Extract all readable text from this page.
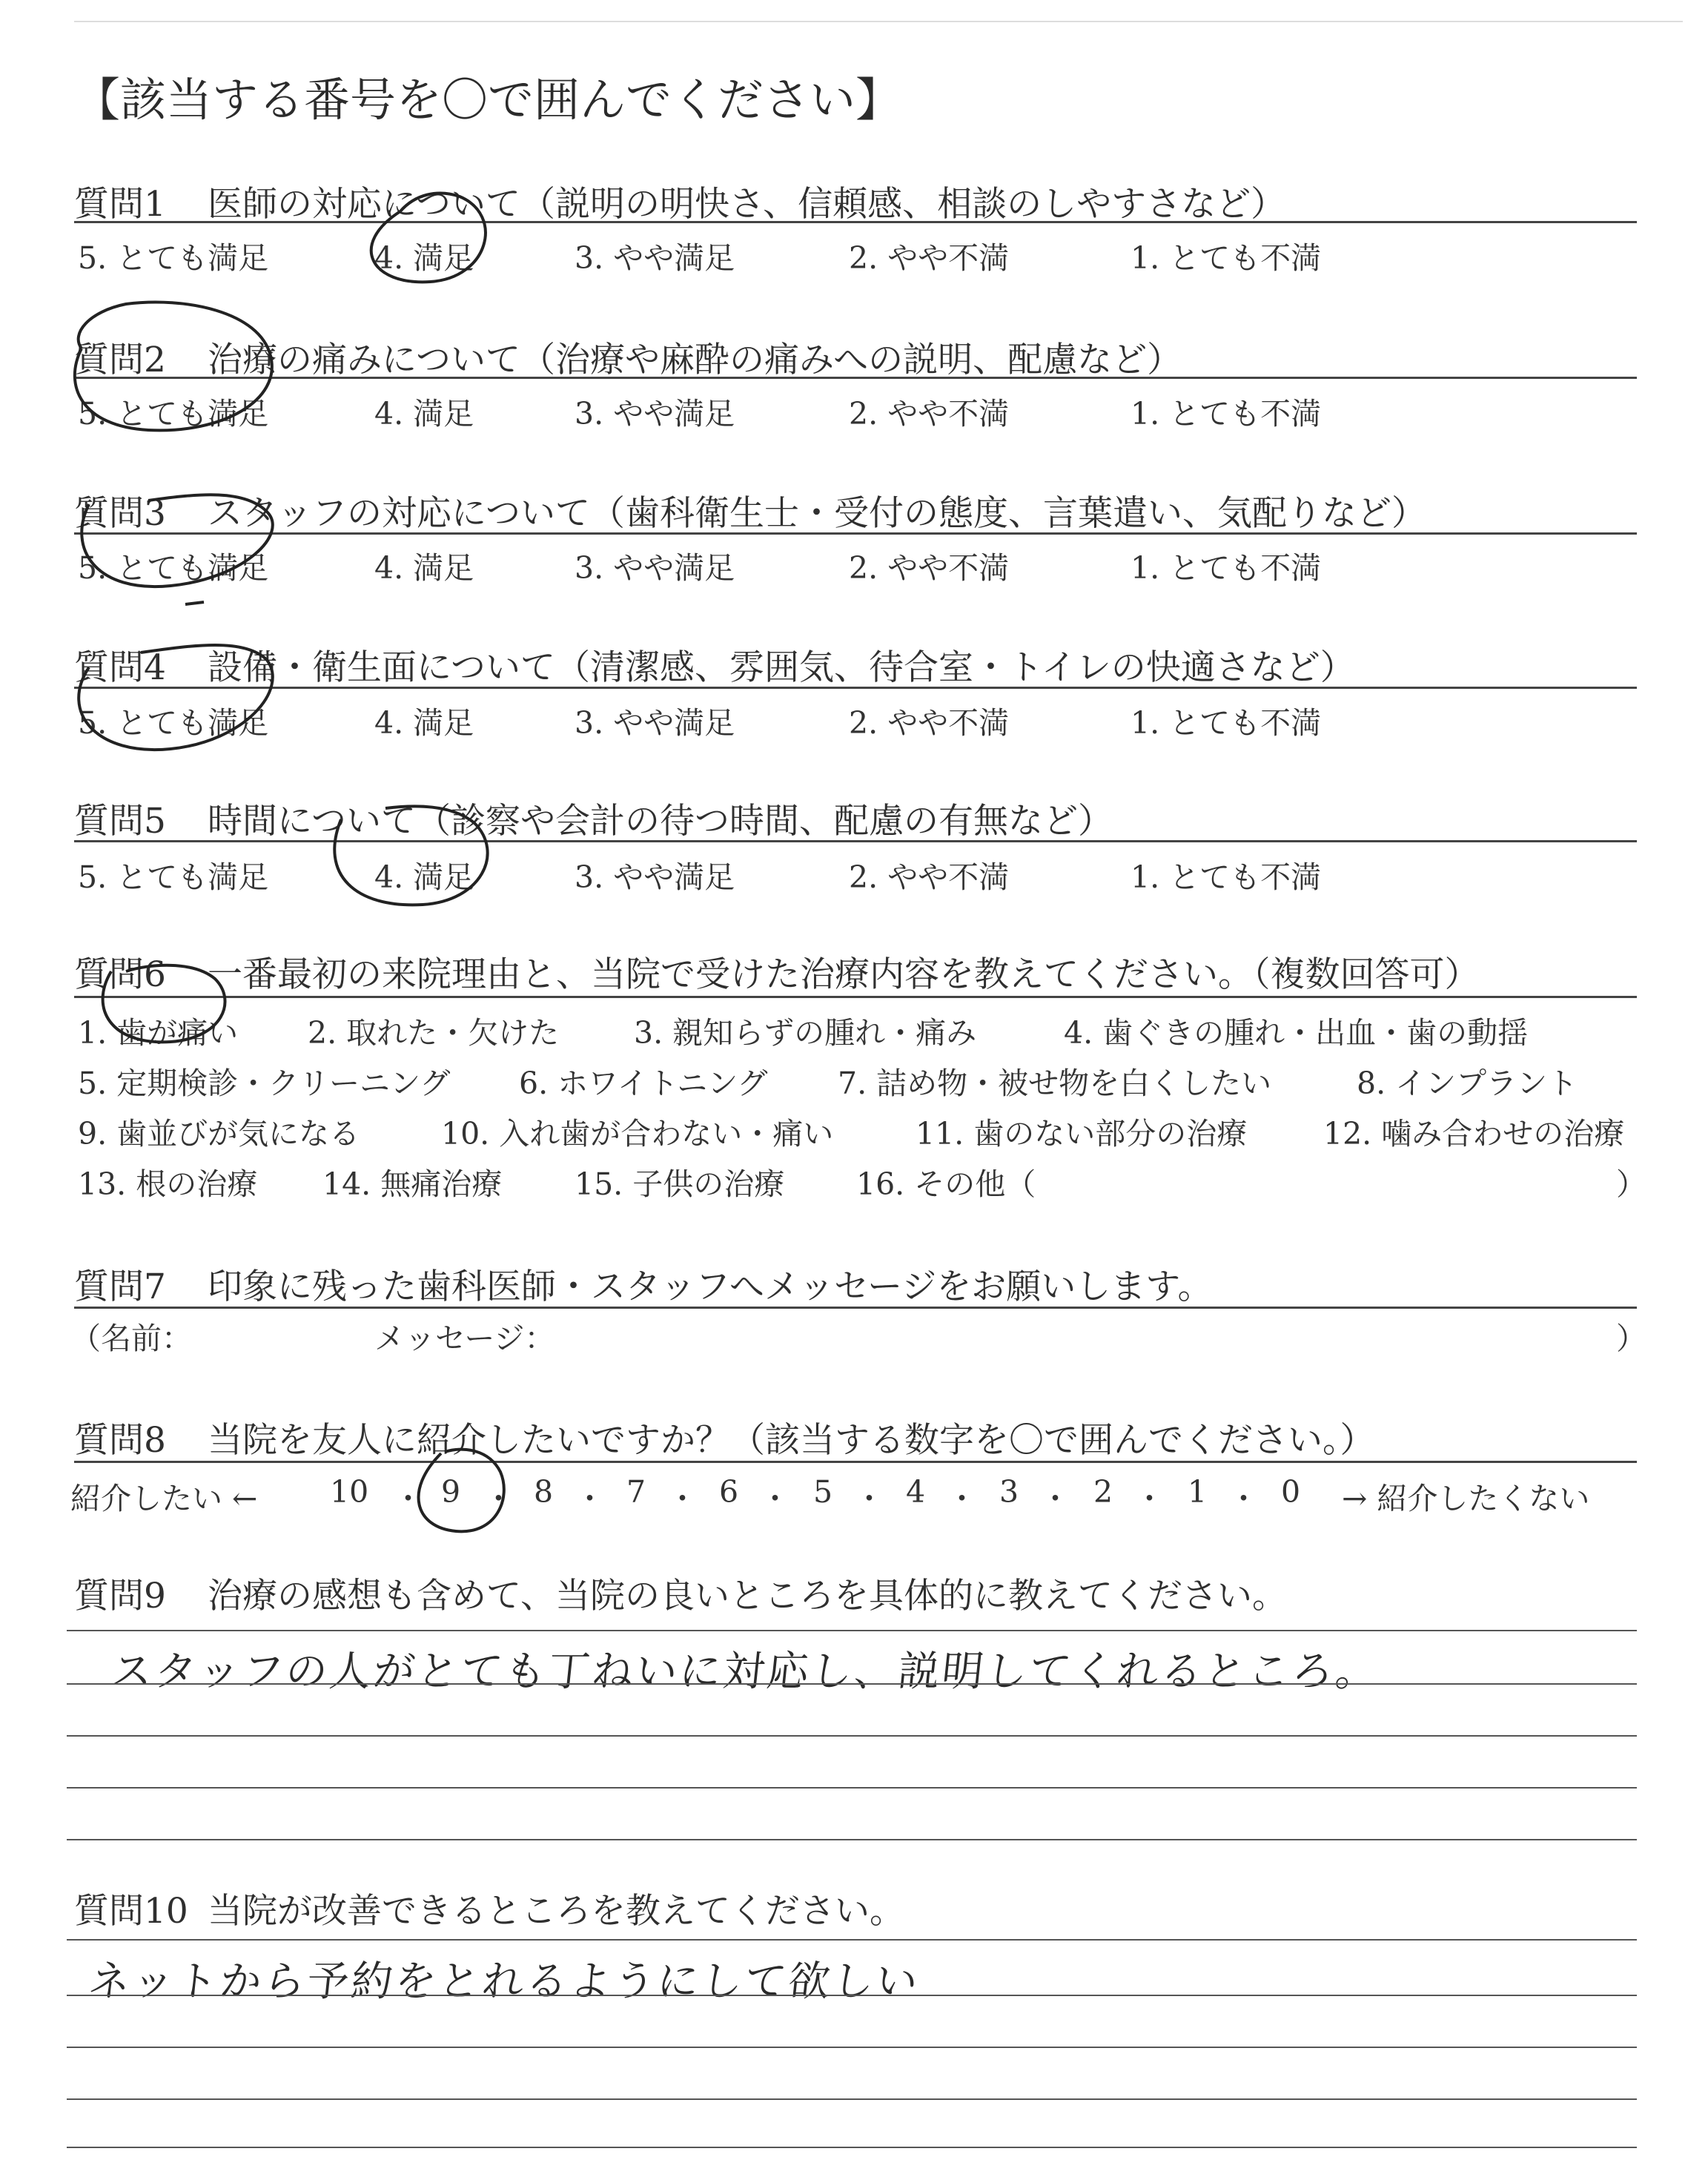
【該当する番号を〇で囲んでください】
質問1 医師の対応について（説明の明快さ、信頼感、相談のしやすさなど）
5. とても満足	4. 満足	3. やや満足	2. やや不満	1. とても不満
質問2 治療の痛みについて（治療や麻酔の痛みへの説明、配慮など）
5. とても満足	4. 満足	3. やや満足	2. やや不満	1. とても不満
質問3 スタッフの対応について（歯科衛生士・受付の態度、言葉遣い、気配りなど）
5. とても満足	4. 満足	3. やや満足	2. やや不満	1. とても不満
質問4 設備・衛生面について（清潔感、雰囲気、待合室・トイレの快適さなど）
5. とても満足	4. 満足	3. やや満足	2. やや不満	1. とても不満
質問5 時間について（診察や会計の待つ時間、配慮の有無など）
5. とても満足	4. 満足	3. やや満足	2. やや不満	1. とても不満
質問6 一番最初の来院理由と、当院で受けた治療内容を教えてください。（複数回答可）
1. 歯が痛い 2. 取れた・欠けた 3. 親知らずの腫れ・痛み	4. 歯ぐきの腫れ・出血・歯の動揺
5. 定期検診・クリーニング 6. ホワイトニング 7. 詰め物・被せ物を白くしたい	8. インプラント
9. 歯並びが気になる	10. 入れ歯が合わない・痛い	11. 歯のない部分の治療	12. 噛み合わせの治療
13. 根の治療 14. 無痛治療 15. 子供の治療 16. その他（	）
質問7 印象に残った歯科医師・スタッフへメッセージをお願いします。
（名前：	メッセージ：	）
質問8 当院を友人に紹介したいですか？（該当する数字を〇で囲んでください。）
紹介したい ← 10 ・ 9 ・ 8 ・ 7 ・ 6 ・ 5 ・ 4 ・ 3 ・ 2 ・ 1 ・ 0 → 紹介したくない
質問9 治療の感想も含めて、当院の良いところを具体的に教えてください。
スタッフの人がとても丁ねいに対応し、説明してくれるところ。
質問10 当院が改善できるところを教えてください。
ネットから予約をとれるようにして欲しい
